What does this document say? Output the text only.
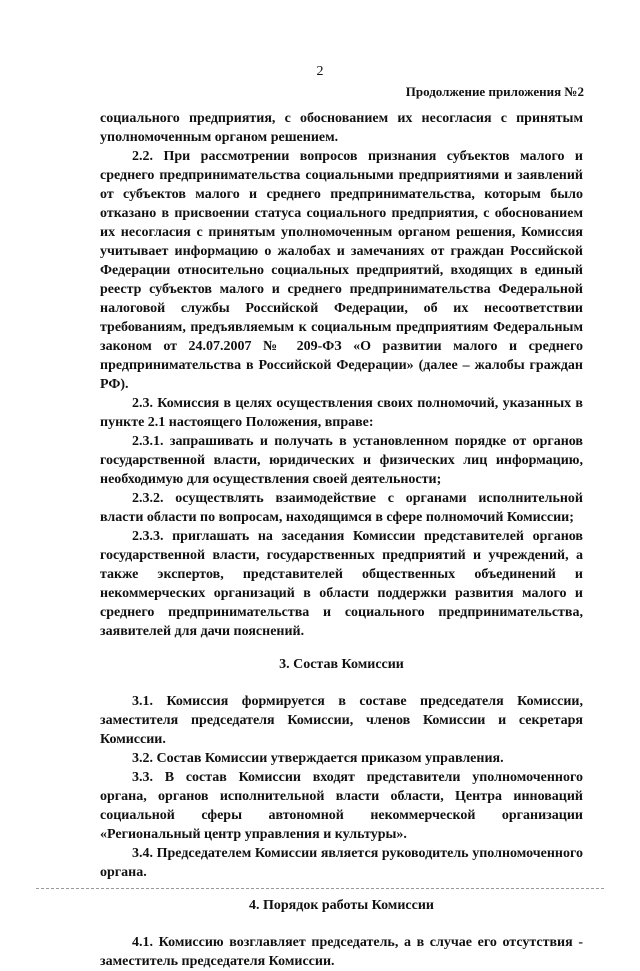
2
Продолжение приложения №2

социального предприятия, с обоснованием их несогласия с принятым уполномоченным органом решением.

2.2. При рассмотрении вопросов признания субъектов малого и среднего предпринимательства социальными предприятиями и заявлений от субъектов малого и среднего предпринимательства, которым было отказано в присвоении статуса социального предприятия, с обоснованием их несогласия с принятым уполномоченным органом решения, Комиссия учитывает информацию о жалобах и замечаниях от граждан Российской Федерации относительно социальных предприятий, входящих в единый реестр субъектов малого и среднего предпринимательства Федеральной налоговой службы Российской Федерации, об их несоответствии требованиям, предъявляемым к социальным предприятиям Федеральным законом от 24.07.2007 № 209-ФЗ «О развитии малого и среднего предпринимательства в Российской Федерации» (далее – жалобы граждан РФ).

2.3. Комиссия в целях осуществления своих полномочий, указанных в пункте 2.1 настоящего Положения, вправе:

2.3.1. запрашивать и получать в установленном порядке от органов государственной власти, юридических и физических лиц информацию, необходимую для осуществления своей деятельности;

2.3.2. осуществлять взаимодействие с органами исполнительной власти области по вопросам, находящимся в сфере полномочий Комиссии;

2.3.3. приглашать на заседания Комиссии представителей органов государственной власти, государственных предприятий и учреждений, а также экспертов, представителей общественных объединений и некоммерческих организаций в области поддержки развития малого и среднего предпринимательства и социального предпринимательства, заявителей для дачи пояснений.

3. Состав Комиссии

3.1. Комиссия формируется в составе председателя Комиссии, заместителя председателя Комиссии, членов Комиссии и секретаря Комиссии.

3.2. Состав Комиссии утверждается приказом управления.

3.3. В состав Комиссии входят представители уполномоченного органа, органов исполнительной власти области, Центра инноваций социальной сферы автономной некоммерческой организации «Региональный центр управления и культуры».

3.4. Председателем Комиссии является руководитель уполномоченного органа.

4. Порядок работы Комиссии

4.1. Комиссию возглавляет председатель, а в случае его отсутствия - заместитель председателя Комиссии.
